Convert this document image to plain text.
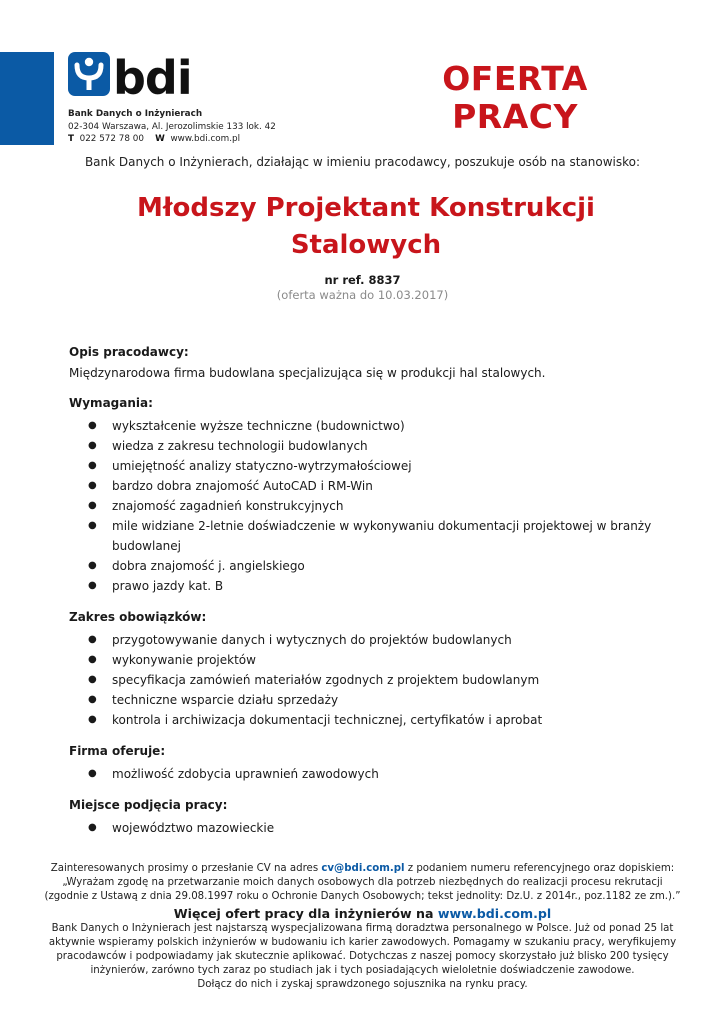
bdi
Bank Danych o Inżynierach
02-304 Warszawa, Al. Jerozolimskie 133 lok. 42
T 022 572 78 00 W www.bdi.com.pl
OFERTA
PRACY
Bank Danych o Inżynierach, działając w imieniu pracodawcy, poszukuje osób na stanowisko:
Młodszy Projektant Konstrukcji
Stalowych
nr ref. 8837
(oferta ważna do 10.03.2017)
Opis pracodawcy:
Międzynarodowa firma budowlana specjalizująca się w produkcji hal stalowych.
Wymagania:
● wykształcenie wyższe techniczne (budownictwo)
● wiedza z zakresu technologii budowlanych
● umiejętność analizy statyczno-wytrzymałościowej
● bardzo dobra znajomość AutoCAD i RM-Win
● znajomość zagadnień konstrukcyjnych
● mile widziane 2-letnie doświadczenie w wykonywaniu dokumentacji projektowej w branży budowlanej
● dobra znajomość j. angielskiego
● prawo jazdy kat. B
Zakres obowiązków:
● przygotowywanie danych i wytycznych do projektów budowlanych
● wykonywanie projektów
● specyfikacja zamówień materiałów zgodnych z projektem budowlanym
● techniczne wsparcie działu sprzedaży
● kontrola i archiwizacja dokumentacji technicznej, certyfikatów i aprobat
Firma oferuje:
● możliwość zdobycia uprawnień zawodowych
Miejsce podjęcia pracy:
● województwo mazowieckie
Zainteresowanych prosimy o przesłanie CV na adres cv@bdi.com.pl z podaniem numeru referencyjnego oraz dopiskiem:
„Wyrażam zgodę na przetwarzanie moich danych osobowych dla potrzeb niezbędnych do realizacji procesu rekrutacji (zgodnie z Ustawą z dnia 29.08.1997 roku o Ochronie Danych Osobowych; tekst jednolity: Dz.U. z 2014r., poz.1182 ze zm.).”
Więcej ofert pracy dla inżynierów na www.bdi.com.pl
Bank Danych o Inżynierach jest najstarszą wyspecjalizowana firmą doradztwa personalnego w Polsce. Już od ponad 25 lat aktywnie wspieramy polskich inżynierów w budowaniu ich karier zawodowych. Pomagamy w szukaniu pracy, weryfikujemy pracodawców i podpowiadamy jak skutecznie aplikować. Dotychczas z naszej pomocy skorzystało już blisko 200 tysięcy inżynierów, zarówno tych zaraz po studiach jak i tych posiadających wieloletnie doświadczenie zawodowe.
Dołącz do nich i zyskaj sprawdzonego sojusznika na rynku pracy.
